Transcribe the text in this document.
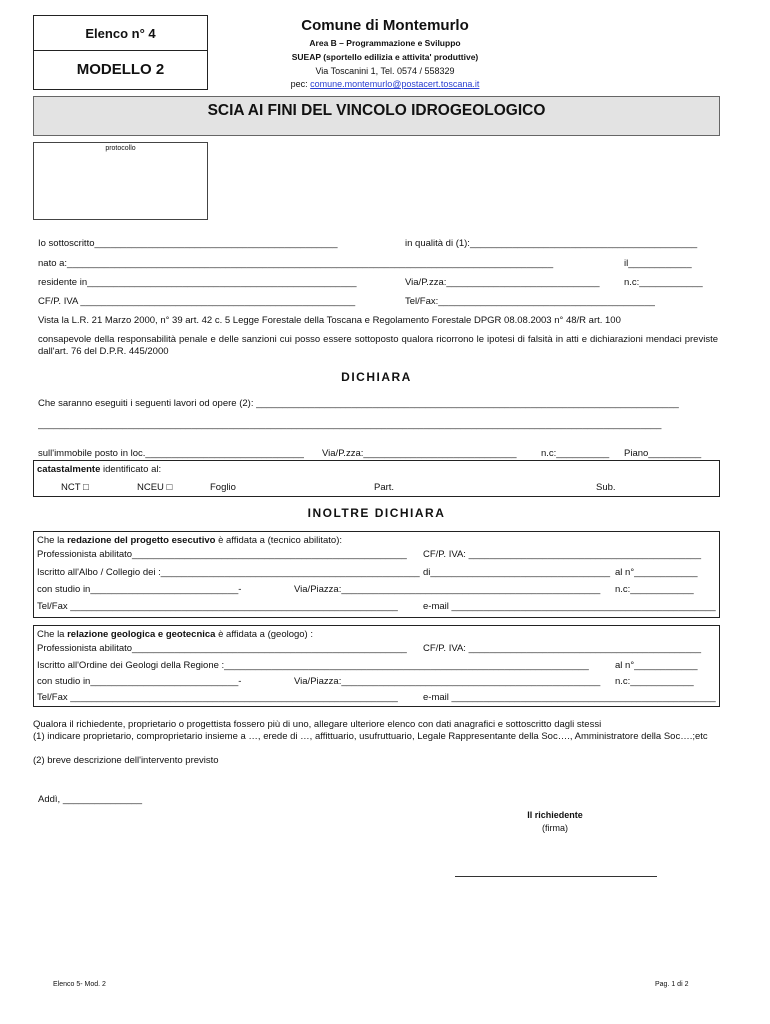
Elenco n° 4
MODELLO 2
Comune di Montemurlo
Area B – Programmazione e Sviluppo
SUEAP (sportello edilizia e attivita' produttive)
Via Toscanini 1, Tel. 0574 / 558329
pec: comune.montemurlo@postacert.toscana.it
SCIA AI FINI DEL VINCOLO IDROGEOLOGICO
protocollo
Io sottoscritto______________________________________________	in qualità di (1):___________________________________________
nato a:____________________________________________________________________________________________	il____________
residente in___________________________________________________	Via/P.zza:_____________________________	n.c:____________
CF/P. IVA ____________________________________________________	Tel/Fax:_________________________________________
Vista la L.R. 21 Marzo 2000, n° 39 art. 42 c. 5 Legge Forestale della Toscana e Regolamento Forestale DPGR 08.08.2003 n° 48/R art. 100
consapevole della responsabilità penale e delle sanzioni cui posso essere sottoposto qualora ricorrono le ipotesi di falsità in atti e dichiarazioni mendaci previste dall'art. 76 del D.P.R. 445/2000
DICHIARA
Che saranno eseguiti i seguenti lavori od opere (2): ________________________________________________________________________________
______________________________________________________________________________________________________________________
sull'immobile posto in loc.______________________________ Via/P.zza:_____________________________	n.c:__________ Piano__________
catastalmente identificato al:
NCT □	NCEU □	Foglio	Part.	Sub.
INOLTRE DICHIARA
Che la redazione del progetto esecutivo è affidata a (tecnico abilitato):
Professionista abilitato____________________________________________________ CF/P. IVA: ____________________________________________
Iscritto all'Albo / Collegio dei :_________________________________________________ di__________________________________ al n°____________
con studio in____________________________-	Via/Piazza:_________________________________________________ n.c:____________
Tel/Fax ______________________________________________________________	e-mail __________________________________________________
Che la relazione geologica e geotecnica è affidata a (geologo) :
Professionista abilitato____________________________________________________ CF/P. IVA: ____________________________________________
Iscritto all'Ordine dei Geologi della Regione :_____________________________________________________________________	al n°____________
con studio in____________________________-	Via/Piazza:_________________________________________________ n.c:____________
Tel/Fax ______________________________________________________________	e-mail __________________________________________________
Qualora il richiedente, proprietario o progettista fossero più di uno, allegare ulteriore elenco con dati anagrafici e sottoscritto dagli stessi
(1) indicare proprietario, comproprietario insieme a …, erede di …, affittuario, usufruttuario, Legale Rappresentante della Soc…., Amministratore della Soc….;etc
(2) breve descrizione dell'intervento previsto
Addì, _______________
Il richiedente
(firma)
Elenco 5- Mod. 2	Pag. 1 di 2
